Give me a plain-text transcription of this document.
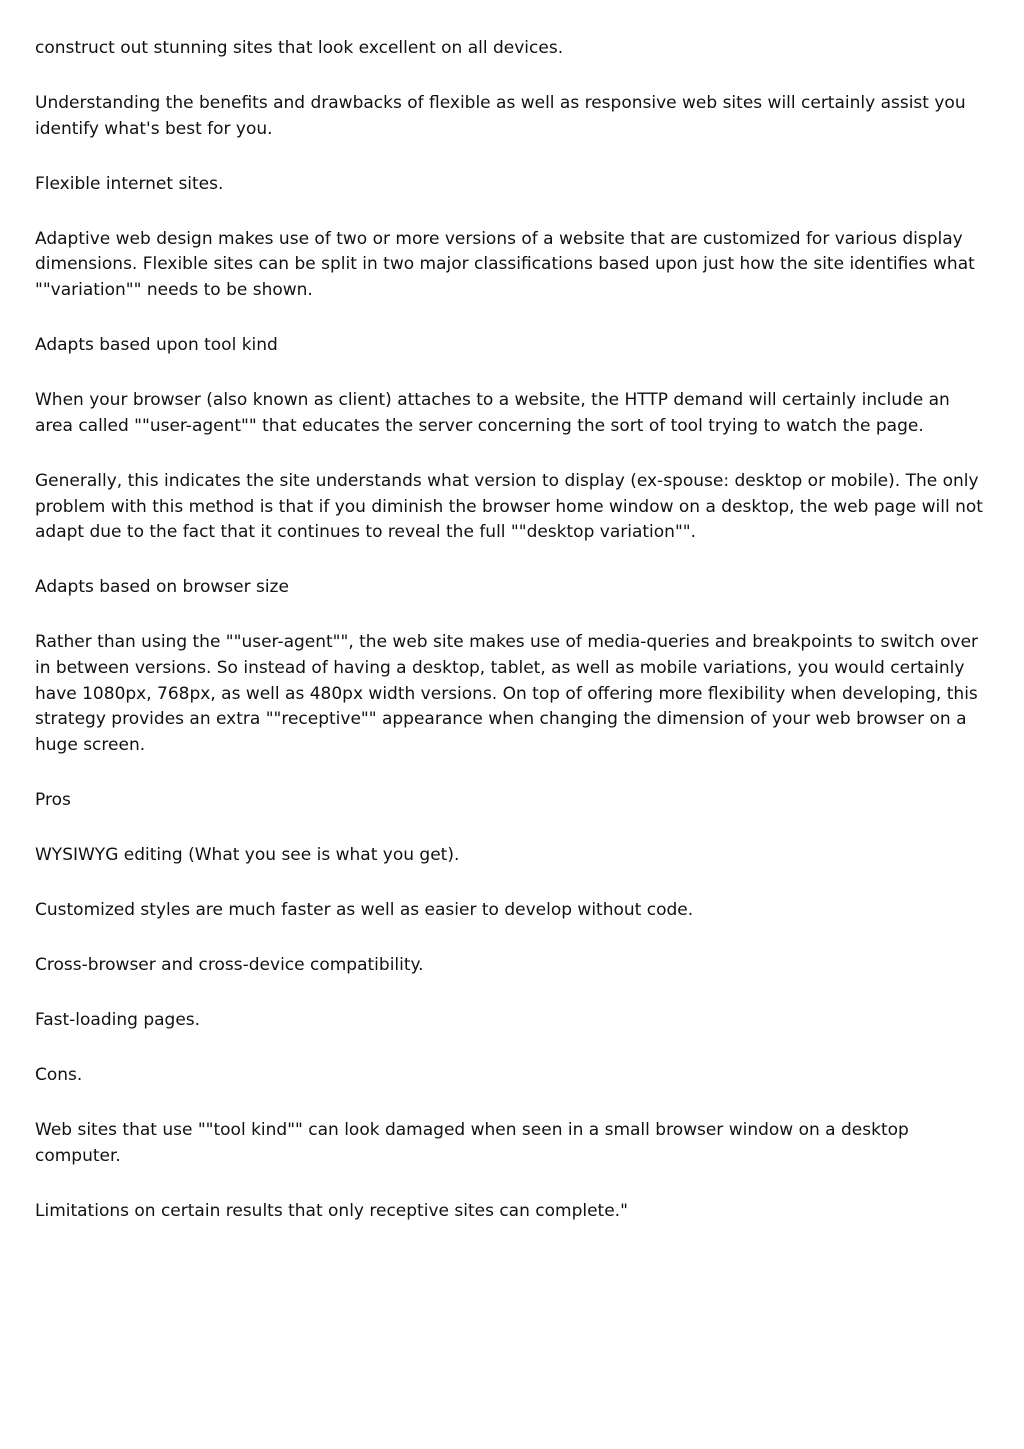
construct out stunning sites that look excellent on all devices.

Understanding the benefits and drawbacks of flexible as well as responsive web sites will certainly assist you identify what's best for you.

Flexible internet sites.

Adaptive web design makes use of two or more versions of a website that are customized for various display dimensions. Flexible sites can be split in two major classifications based upon just how the site identifies what ""variation"" needs to be shown.

Adapts based upon tool kind

When your browser (also known as client) attaches to a website, the HTTP demand will certainly include an area called ""user-agent"" that educates the server concerning the sort of tool trying to watch the page.

Generally, this indicates the site understands what version to display (ex-spouse: desktop or mobile). The only problem with this method is that if you diminish the browser home window on a desktop, the web page will not adapt due to the fact that it continues to reveal the full ""desktop variation"".

Adapts based on browser size

Rather than using the ""user-agent"", the web site makes use of media-queries and breakpoints to switch over in between versions. So instead of having a desktop, tablet, as well as mobile variations, you would certainly have 1080px, 768px, as well as 480px width versions. On top of offering more flexibility when developing, this strategy provides an extra ""receptive"" appearance when changing the dimension of your web browser on a huge screen.

Pros

WYSIWYG editing (What you see is what you get).

Customized styles are much faster as well as easier to develop without code.

Cross-browser and cross-device compatibility.

Fast-loading pages.

Cons.

Web sites that use ""tool kind"" can look damaged when seen in a small browser window on a desktop computer.

Limitations on certain results that only receptive sites can complete."
